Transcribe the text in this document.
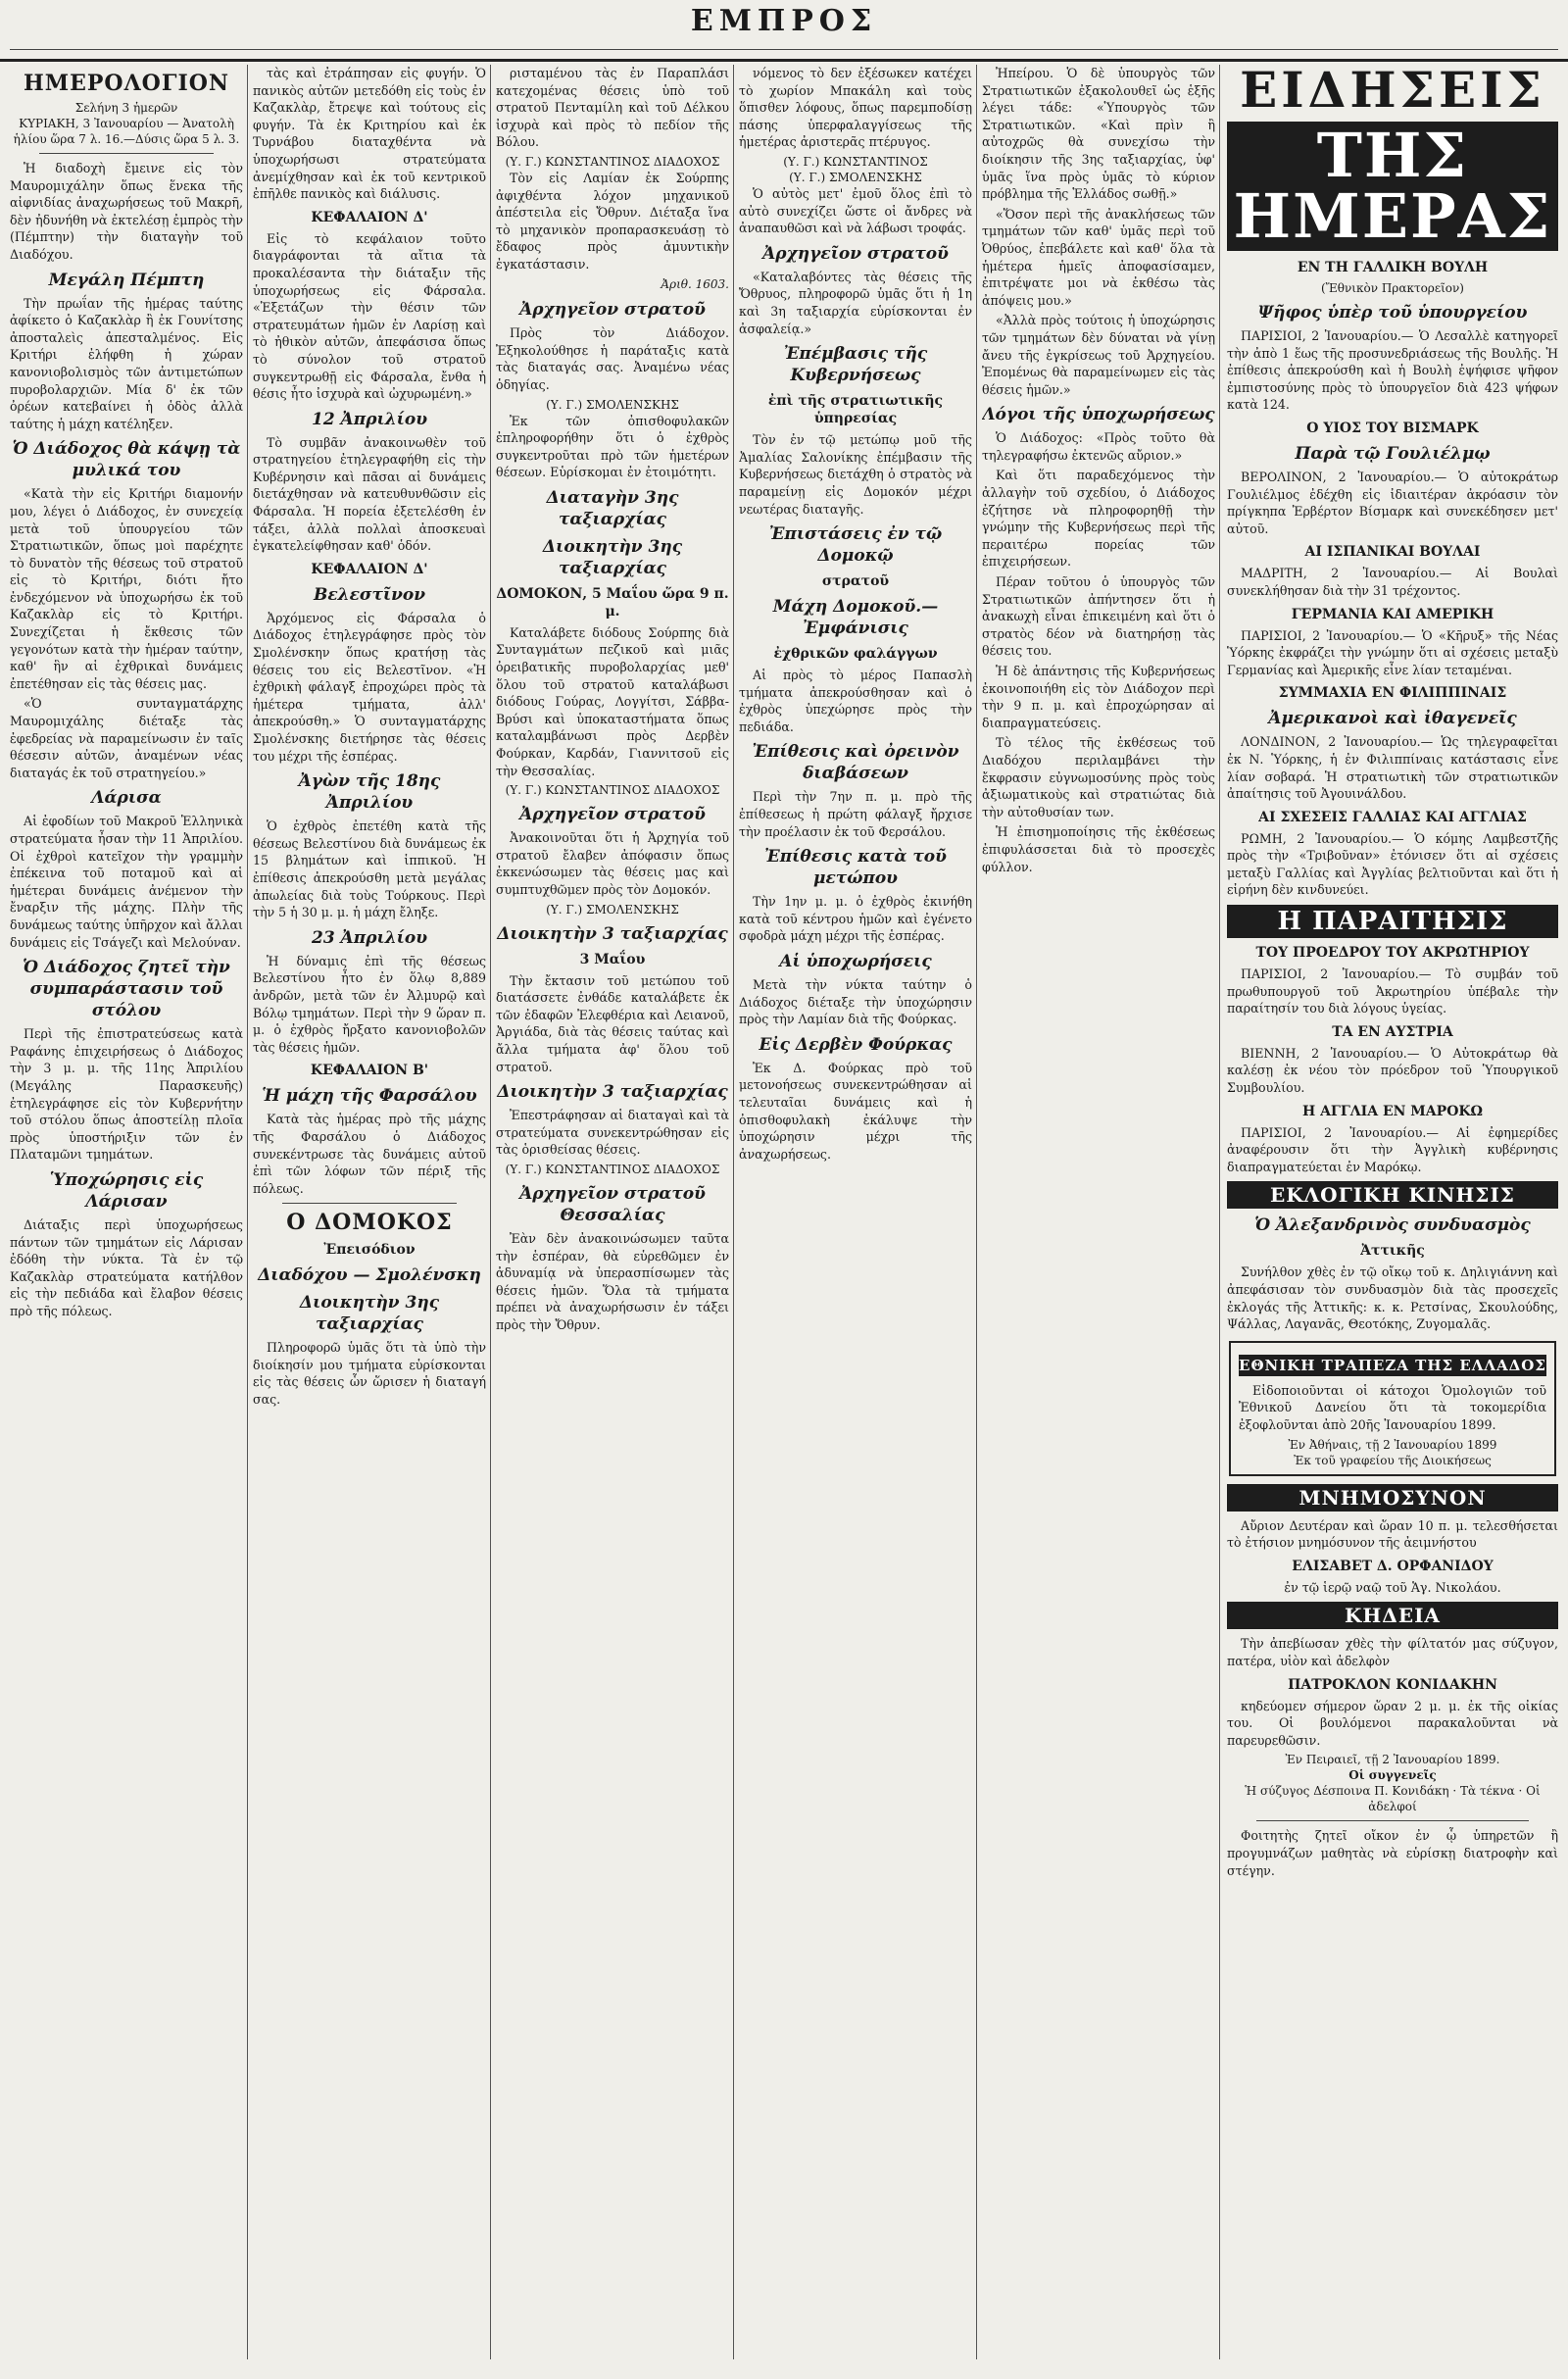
ΕΜΠΡΟΣ
ΗΜΕΡΟΛΟΓΙΟΝ
Σελήνη 3 ἡμερῶν
ΚΥΡΙΑΚΗ, 3 Ἰανουαρίου — Ἀνατολὴ ἡλίου ὥρα 7 λ. 16.—Δύσις ὥρα 5 λ. 3.

Ἡ διαδοχὴ ἔμεινε εἰς τὸν Μαυρομιχάλην ὅπως ἕνεκα τῆς αἰφνιδίας ἀναχωρήσεως τοῦ Μακρῆ, δὲν ἠδυνήθη νὰ ἐκτελέσῃ ἐμπρὸς τὴν (Πέμπτην) τὴν διαταγὴν τοῦ Διαδόχου.

Μεγάλη Πέμπτη

Τὴν πρωΐαν τῆς ἡμέρας ταύτης ἀφίκετο ὁ Καζακλὰρ ἢ ἐκ Γουνίτσης ἀποσταλεὶς ἀπεσταλμένος. Εἰς Κριτήρι ἐλήφθη ἡ χώραν κανονιοβολισμὸς τῶν ἀντιμετώπων πυροβολαρχιῶν. Μία δ' ἐκ τῶν ὀρέων κατεβαίνει ἡ ὁδὸς ἀλλὰ ταύτης ἡ μάχη κατέληξεν.

Ὁ Διάδοχος θὰ κάψῃ τὰ μυλικά του

«Κατὰ τὴν εἰς Κριτήρι διαμονήν μου, λέγει ὁ Διάδοχος, ἐν συνεχείᾳ μετὰ τοῦ ὑπουργείου τῶν Στρατιωτικῶν, ὅπως μοὶ παρέχητε τὸ δυνατὸν τῆς θέσεως τοῦ στρατοῦ εἰς τὸ Κριτήρι, διότι ἤτο ἐνδεχόμενον νὰ ὑποχωρήσω ἐκ τοῦ Καζακλὰρ εἰς τὸ Κριτήρι. Συνεχίζεται ἡ ἔκθεσις τῶν γεγονότων κατὰ τὴν ἡμέραν ταύτην, καθ' ἣν αἱ ἐχθρικαὶ δυνάμεις ἐπετέθησαν εἰς τὰς θέσεις μας.

«Ὁ συνταγματάρχης Μαυρομιχάλης διέταξε τὰς ἐφεδρείας νὰ παραμείνωσιν ἐν ταῖς θέσεσιν αὐτῶν, ἀναμένων νέας διαταγάς ἐκ τοῦ στρατηγείου.»

Λάρισα

Αἱ ἐφοδίων τοῦ Μακροῦ Ἑλληνικὰ στρατεύματα ἦσαν τὴν 11 Ἀπριλίου. Οἱ ἐχθροὶ κατεῖχον τὴν γραμμὴν ἐπέκεινα τοῦ ποταμοῦ καὶ αἱ ἡμέτεραι δυνάμεις ἀνέμενον τὴν ἔναρξιν τῆς μάχης. Πλὴν τῆς δυνάμεως ταύτης ὑπῆρχον καὶ ἄλλαι δυνάμεις εἰς Τσάγεζι καὶ Μελούναν.

Ὁ Διάδοχος ζητεῖ τὴν συμπαράστασιν τοῦ στόλου

Περὶ τῆς ἐπιστρατεύσεως κατὰ Ραφάνης ἐπιχειρήσεως ὁ Διάδοχος τὴν 3 μ. μ. τῆς 11ης Ἀπριλίου (Μεγάλης Παρασκευῆς) ἐτηλεγράφησε εἰς τὸν Κυβερνήτην τοῦ στόλου ὅπως ἀποστείλῃ πλοῖα πρὸς ὑποστήριξιν τῶν ἐν Πλαταμῶνι τμημάτων.

Ὑποχώρησις εἰς Λάρισαν

Διάταξις περὶ ὑποχωρήσεως πάντων τῶν τμημάτων εἰς Λάρισαν ἐδόθη τὴν νύκτα. Τὰ ἐν τῷ Καζακλὰρ στρατεύματα κατήλθον εἰς τὴν πεδιάδα καὶ ἔλαβον θέσεις πρὸ τῆς πόλεως.

τὰς καὶ ἐτράπησαν εἰς φυγήν. Ὁ πανικὸς αὐτῶν μετεδόθη εἰς τοὺς ἐν Καζακλὰρ, ἔτρεψε καὶ τούτους εἰς φυγήν. Τὰ ἐκ Κριτηρίου καὶ ἐκ Τυρνάβου διαταχθέντα νὰ ὑποχωρήσωσι στρατεύματα ἀνεμίχθησαν καὶ ἐκ τοῦ κεντρικοῦ ἐπῆλθε πανικὸς καὶ διάλυσις.

ΚΕΦΑΛΑΙΟΝ Δ'

Εἰς τὸ κεφάλαιον τοῦτο διαγράφονται τὰ αἴτια τὰ προκαλέσαντα τὴν διάταξιν τῆς ὑποχωρήσεως εἰς Φάρσαλα. «Ἐξετάζων τὴν θέσιν τῶν στρατευμάτων ἡμῶν ἐν Λαρίσῃ καὶ τὸ ἠθικὸν αὐτῶν, ἀπεφάσισα ὅπως τὸ σύνολον τοῦ στρατοῦ συγκεντρωθῇ εἰς Φάρσαλα, ἔνθα ἡ θέσις ἦτο ἰσχυρὰ καὶ ὠχυρωμένη.»

12 Ἀπριλίου

Τὸ συμβᾶν ἀνακοινωθὲν τοῦ στρατηγείου ἐτηλεγραφήθη εἰς τὴν Κυβέρνησιν καὶ πᾶσαι αἱ δυνάμεις διετάχθησαν νὰ κατευθυνθῶσιν εἰς Φάρσαλα. Ἡ πορεία ἐξετελέσθη ἐν τάξει, ἀλλὰ πολλαὶ ἀποσκευαὶ ἐγκατελείφθησαν καθ' ὁδόν.

ΚΕΦΑΛΑΙΟΝ Δ'
Βελεστῖνον

Ἀρχόμενος εἰς Φάρσαλα ὁ Διάδοχος ἐτηλεγράφησε πρὸς τὸν Σμολένσκην ὅπως κρατήσῃ τὰς θέσεις του εἰς Βελεστῖνον. «Ἡ ἐχθρικὴ φάλαγξ ἐπροχώρει πρὸς τὰ ἡμέτερα τμήματα, ἀλλ' ἀπεκρούσθη.» Ὁ συνταγματάρχης Σμολένσκης διετήρησε τὰς θέσεις του μέχρι τῆς ἑσπέρας.

Ἀγὼν τῆς 18ης Ἀπριλίου

Ὁ ἐχθρὸς ἐπετέθη κατὰ τῆς θέσεως Βελεστίνου διὰ δυνάμεως ἐκ 15 βλημάτων καὶ ἱππικοῦ. Ἡ ἐπίθεσις ἀπεκρούσθη μετὰ μεγάλας ἀπωλείας διὰ τοὺς Τούρκους. Περὶ τὴν 5 ἡ 30 μ. μ. ἡ μάχη ἔληξε.

23 Ἀπριλίου

Ἡ δύναμις ἐπὶ τῆς θέσεως Βελεστίνου ἦτο ἐν ὅλῳ 8,889 ἀνδρῶν, μετὰ τῶν ἐν Ἀλμυρῷ καὶ Βόλῳ τμημάτων. Περὶ τὴν 9 ὥραν π. μ. ὁ ἐχθρὸς ἤρξατο κανονιοβολῶν τὰς θέσεις ἡμῶν.

ΚΕΦΑΛΑΙΟΝ Β'
Ἡ μάχη τῆς Φαρσάλου

Κατὰ τὰς ἡμέρας πρὸ τῆς μάχης τῆς Φαρσάλου ὁ Διάδοχος συνεκέντρωσε τὰς δυνάμεις αὐτοῦ ἐπὶ τῶν λόφων τῶν πέριξ τῆς πόλεως.

Ο ΔΟΜΟΚΟΣ
Ἐπεισόδιον
Διαδόχου — Σμολένσκη
Διοικητὴν 3ης ταξιαρχίας

Πληροφορῶ ὑμᾶς ὅτι τὰ ὑπὸ τὴν διοίκησίν μου τμήματα εὑρίσκονται εἰς τὰς θέσεις ὧν ὥρισεν ἡ διαταγή σας.

ρισταμένου τὰς ἐν Παραπλάσι κατεχομένας θέσεις ὑπὸ τοῦ στρατοῦ Πενταμίλη καὶ τοῦ Δέλκου ἰσχυρὰ καὶ πρὸς τὸ πεδίον τῆς Βόλου.

(Υ. Γ.) ΚΩΝΣΤΑΝΤΙΝΟΣ ΔΙΑΔΟΧΟΣ

Τὸν εἰς Λαμίαν ἐκ Σούρπης ἀφιχθέντα λόχον μηχανικοῦ ἀπέστειλα εἰς Ὄθρυν. Διέταξα ἵνα τὸ μηχανικὸν προπαρασκευάσῃ τὸ ἔδαφος πρὸς ἀμυντικὴν ἐγκατάστασιν.

Ἀριθ. 1603.
Ἀρχηγεῖον στρατοῦ

Πρὸς τὸν Διάδοχον. Ἐξηκολούθησε ἡ παράταξις κατὰ τὰς διαταγάς σας. Ἀναμένω νέας ὁδηγίας.

(Υ. Γ.) ΣΜΟΛΕΝΣΚΗΣ

Ἐκ τῶν ὀπισθοφυλακῶν ἐπληροφορήθην ὅτι ὁ ἐχθρὸς συγκεντροῦται πρὸ τῶν ἡμετέρων θέσεων. Εὑρίσκομαι ἐν ἐτοιμότητι.

Διαταγὴν 3ης ταξιαρχίας
Διοικητὴν 3ης ταξιαρχίας
ΔΟΜΟΚΟΝ, 5 Μαΐου ὥρα 9 π. μ.

Καταλάβετε διόδους Σούρπης διὰ Συνταγμάτων πεζικοῦ καὶ μιᾶς ὀρειβατικῆς πυροβολαρχίας μεθ' ὅλου τοῦ στρατοῦ καταλάβωσι διόδους Γούρας, Λογγίτσι, Σάββα-Βρύσι καὶ ὑποκαταστήματα ὅπως καταλαμβάνωσι πρὸς Δερβὲν Φούρκαν, Καρδάν, Γιαννιτσοῦ εἰς τὴν Θεσσαλίας.

(Υ. Γ.) ΚΩΝΣΤΑΝΤΙΝΟΣ ΔΙΑΔΟΧΟΣ
Ἀρχηγεῖον στρατοῦ

Ἀνακοινοῦται ὅτι ἡ Ἀρχηγία τοῦ στρατοῦ ἔλαβεν ἀπόφασιν ὅπως ἐκκενώσωμεν τὰς θέσεις μας καὶ συμπτυχθῶμεν πρὸς τὸν Δομοκόν.

(Υ. Γ.) ΣΜΟΛΕΝΣΚΗΣ
Διοικητὴν 3 ταξιαρχίας
3 Μαΐου

Τὴν ἔκτασιν τοῦ μετώπου τοῦ διατάσσετε ἐνθάδε καταλάβετε ἐκ τῶν ἐδαφῶν Ἐλεφθέρια καὶ Λειανοῦ, Ἀργιάδα, διὰ τὰς θέσεις ταύτας καὶ ἄλλα τμήματα ἀφ' ὅλου τοῦ στρατοῦ.

Διοικητὴν 3 ταξιαρχίας

Ἐπεστράφησαν αἱ διαταγαὶ καὶ τὰ στρατεύματα συνεκεντρώθησαν εἰς τὰς ὁρισθείσας θέσεις.

(Υ. Γ.) ΚΩΝΣΤΑΝΤΙΝΟΣ ΔΙΑΔΟΧΟΣ
Ἀρχηγεῖον στρατοῦ Θεσσαλίας

Ἐὰν δὲν ἀνακοινώσωμεν ταῦτα τὴν ἑσπέραν, θὰ εὑρεθῶμεν ἐν ἀδυναμίᾳ νὰ ὑπερασπίσωμεν τὰς θέσεις ἡμῶν. Ὅλα τὰ τμήματα πρέπει νὰ ἀναχωρήσωσιν ἐν τάξει πρὸς τὴν Ὄθρυν.

νόμενος τὸ δεν ἐξέσωκεν κατέχει τὸ χωρίον Μπακάλη καὶ τοὺς ὅπισθεν λόφους, ὅπως παρεμποδίσῃ πάσης ὑπερφαλαγγίσεως τῆς ἡμετέρας ἀριστερᾶς πτέρυγος.

(Υ. Γ.) ΚΩΝΣΤΑΝΤΙΝΟΣ
(Υ. Γ.) ΣΜΟΛΕΝΣΚΗΣ

Ὁ αὐτὸς μετ' ἐμοῦ ὅλος ἐπὶ τὸ αὐτὸ συνεχίζει ὥστε οἱ ἄνδρες νὰ ἀναπαυθῶσι καὶ νὰ λάβωσι τροφάς.

Ἀρχηγεῖον στρατοῦ

«Καταλαβόντες τὰς θέσεις τῆς Ὄθρυος, πληροφορῶ ὑμᾶς ὅτι ἡ 1η καὶ 3η ταξιαρχία εὑρίσκονται ἐν ἀσφαλείᾳ.»

Ἐπέμβασις τῆς Κυβερνήσεως
ἐπὶ τῆς στρατιωτικῆς ὑπηρεσίας

Τὸν ἐν τῷ μετώπῳ μοῦ τῆς Ἀμαλίας Σαλονίκης ἐπέμβασιν τῆς Κυβερνήσεως διετάχθη ὁ στρατὸς νὰ παραμείνῃ εἰς Δομοκόν μέχρι νεωτέρας διαταγῆς.

Ἐπιστάσεις ἐν τῷ Δομοκῷ
στρατοῦ
Μάχη Δομοκοῦ.—Ἐμφάνισις
ἐχθρικῶν φαλάγγων

Αἱ πρὸς τὸ μέρος Παπασλὴ τμήματα ἀπεκρούσθησαν καὶ ὁ ἐχθρὸς ὑπεχώρησε πρὸς τὴν πεδιάδα.

Ἐπίθεσις καὶ ὀρεινὸν διαβάσεων

Περὶ τὴν 7ην π. μ. πρὸ τῆς ἐπίθεσεως ἡ πρώτη φάλαγξ ἤρχισε τὴν προέλασιν ἐκ τοῦ Φερσάλου.

Ἐπίθεσις κατὰ τοῦ μετώπου

Τὴν 1ην μ. μ. ὁ ἐχθρὸς ἐκινήθη κατὰ τοῦ κέντρου ἡμῶν καὶ ἐγένετο σφοδρὰ μάχη μέχρι τῆς ἑσπέρας.

Αἱ ὑποχωρήσεις

Μετὰ τὴν νύκτα ταύτην ὁ Διάδοχος διέταξε τὴν ὑποχώρησιν πρὸς τὴν Λαμίαν διὰ τῆς Φούρκας.

Εἰς Δερβὲν Φούρκας

Ἐκ Δ. Φούρκας πρὸ τοῦ μετονοήσεως συνεκεντρώθησαν αἱ τελευταῖαι δυνάμεις καὶ ἡ ὀπισθοφυλακὴ ἐκάλυψε τὴν ὑποχώρησιν μέχρι τῆς ἀναχωρήσεως.

Ἠπείρου. Ὁ δὲ ὑπουργὸς τῶν Στρατιωτικῶν ἐξακολουθεῖ ὡς ἑξῆς λέγει τάδε: «Ὑπουργὸς τῶν Στρατιωτικῶν. «Καὶ πρὶν ἢ αὐτοχρῶς θὰ συνεχίσω τὴν διοίκησιν τῆς 3ης ταξιαρχίας, ὑφ' ὑμᾶς ἵνα πρὸς ὑμᾶς τὸ κύριον πρόβλημα τῆς Ἑλλάδος σωθῇ.»

«Ὅσον περὶ τῆς ἀνακλήσεως τῶν τμημάτων τῶν καθ' ὑμᾶς περὶ τοῦ Ὀθρύος, ἐπεβάλετε καὶ καθ' ὅλα τὰ ἡμέτερα ἡμεῖς ἀποφασίσαμεν, ἐπιτρέψατε μοι νὰ ἐκθέσω τὰς ἀπόψεις μου.»

«Ἀλλὰ πρὸς τούτοις ἡ ὑποχώρησις τῶν τμημάτων δὲν δύναται νὰ γίνῃ ἄνευ τῆς ἐγκρίσεως τοῦ Ἀρχηγείου. Ἐπομένως θὰ παραμείνωμεν εἰς τὰς θέσεις ἡμῶν.»

Λόγοι τῆς ὑποχωρήσεως

Ὁ Διάδοχος: «Πρὸς τοῦτο θὰ τηλεγραφήσω ἐκτενῶς αὔριον.»

Καὶ ὅτι παραδεχόμενος τὴν ἀλλαγὴν τοῦ σχεδίου, ὁ Διάδοχος ἐζήτησε νὰ πληροφορηθῇ τὴν γνώμην τῆς Κυβερνήσεως περὶ τῆς περαιτέρω πορείας τῶν ἐπιχειρήσεων.

Πέραν τοῦτου ὁ ὑπουργὸς τῶν Στρατιωτικῶν ἀπήντησεν ὅτι ἡ ἀνακωχὴ εἶναι ἐπικειμένη καὶ ὅτι ὁ στρατὸς δέον νὰ διατηρήσῃ τὰς θέσεις του.

Ἡ δὲ ἀπάντησις τῆς Κυβερνήσεως ἐκοινοποιήθη εἰς τὸν Διάδοχον περὶ τὴν 9 π. μ. καὶ ἐπροχώρησαν αἱ διαπραγματεύσεις.

Τὸ τέλος τῆς ἐκθέσεως τοῦ Διαδόχου περιλαμβάνει τὴν ἔκφρασιν εὐγνωμοσύνης πρὸς τοὺς ἀξιωματικοὺς καὶ στρατιώτας διὰ τὴν αὐτοθυσίαν των.

Ἡ ἐπισημοποίησις τῆς ἐκθέσεως ἐπιφυλάσσεται διὰ τὸ προσεχὲς φύλλον.

ΕΙΔΗΣΕΙΣ
ΤΗΣ ΗΜΕΡΑΣ
ΕΝ ΤΗ ΓΑΛΛΙΚΗ ΒΟΥΛΗ
(Ἔθνικὸν Πρακτορεῖον)
Ψῆφος ὑπὲρ τοῦ ὑπουργείου

ΠΑΡΙΣΙΟΙ, 2 Ἰανουαρίου.— Ὁ Λεσαλλὲ κατηγορεῖ τὴν ἀπὸ 1 ἕως τῆς προσυνεδριάσεως τῆς Βουλῆς. Ἡ ἐπίθεσις ἀπεκρούσθη καὶ ἡ Βουλὴ ἐψήφισε ψῆφον ἐμπιστοσύνης πρὸς τὸ ὑπουργεῖον διὰ 423 ψήφων κατὰ 124.

Ο ΥΙΟΣ ΤΟΥ ΒΙΣΜΑΡΚ
Παρὰ τῷ Γουλιέλμῳ

ΒΕΡΟΛΙΝΟΝ, 2 Ἰανουαρίου.— Ὁ αὐτοκράτωρ Γουλιέλμος ἐδέχθη εἰς ἰδιαιτέραν ἀκρόασιν τὸν πρίγκηπα Ἐρβέρτον Βίσμαρκ καὶ συνεκέδησεν μετ' αὐτοῦ.

ΑΙ ΙΣΠΑΝΙΚΑΙ ΒΟΥΛΑΙ

ΜΑΔΡΙΤΗ, 2 Ἰανουαρίου.— Αἱ Βουλαὶ συνεκλήθησαν διὰ τὴν 31 τρέχοντος.

ΓΕΡΜΑΝΙΑ ΚΑΙ ΑΜΕΡΙΚΗ

ΠΑΡΙΣΙΟΙ, 2 Ἰανουαρίου.— Ὁ «Κῆρυξ» τῆς Νέας Ὑόρκης ἐκφράζει τὴν γνώμην ὅτι αἱ σχέσεις μεταξὺ Γερμανίας καὶ Ἀμερικῆς εἶνε λίαν τεταμέναι.

ΣΥΜΜΑΧΙΑ ΕΝ ΦΙΛΙΠΠΙΝΑΙΣ
Ἀμερικανοὶ καὶ ἰθαγενεῖς

ΛΟΝΔΙΝΟΝ, 2 Ἰανουαρίου.— Ὡς τηλεγραφεῖται ἐκ Ν. Ὑόρκης, ἡ ἐν Φιλιππίναις κατάστασις εἶνε λίαν σοβαρά. Ἡ στρατιωτικὴ τῶν στρατιωτικῶν ἀπαίτησις τοῦ Ἀγουινάλδου.

ΑΙ ΣΧΕΣΕΙΣ ΓΑΛΛΙΑΣ ΚΑΙ ΑΓΓΛΙΑΣ

ΡΩΜΗ, 2 Ἰανουαρίου.— Ὁ κόμης Λαμβεστζῆς πρὸς τὴν «Τριβοῦναν» ἐτόνισεν ὅτι αἱ σχέσεις μεταξὺ Γαλλίας καὶ Ἀγγλίας βελτιοῦνται καὶ ὅτι ἡ εἰρήνη δὲν κινδυνεύει.

Η ΠΑΡΑΙΤΗΣΙΣ
ΤΟΥ ΠΡΟΕΔΡΟΥ ΤΟΥ ΑΚΡΩΤΗΡΙΟΥ

ΠΑΡΙΣΙΟΙ, 2 Ἰανουαρίου.— Τὸ συμβάν τοῦ πρωθυπουργοῦ τοῦ Ἀκρωτηρίου ὑπέβαλε τὴν παραίτησίν του διὰ λόγους ὑγείας.

ΤΑ ΕΝ ΑΥΣΤΡΙΑ

ΒΙΕΝΝΗ, 2 Ἰανουαρίου.— Ὁ Αὐτοκράτωρ θὰ καλέσῃ ἐκ νέου τὸν πρόεδρον τοῦ Ὑπουργικοῦ Συμβουλίου.

Η ΑΓΓΛΙΑ ΕΝ ΜΑΡΟΚΩ

ΠΑΡΙΣΙΟΙ, 2 Ἰανουαρίου.— Αἱ ἐφημερίδες ἀναφέρουσιν ὅτι τὴν Ἀγγλικὴ κυβέρνησις διαπραγματεύεται ἐν Μαρόκῳ.

ΕΚΛΟΓΙΚΗ ΚΙΝΗΣΙΣ
Ὁ Ἀλεξανδρινὸς συνδυασμὸς
Ἀττικῆς

Συνήλθον χθὲς ἐν τῷ οἴκῳ τοῦ κ. Δηλιγιάννη καὶ ἀπεφάσισαν τὸν συνδυασμὸν διὰ τὰς προσεχεῖς ἐκλογάς τῆς Ἀττικῆς: κ. κ. Ρετσίνας, Σκουλούδης, Ψάλλας, Λαγανᾶς, Θεοτόκης, Ζυγομαλᾶς.

ΕΘΝΙΚΗ ΤΡΑΠΕΖΑ ΤΗΣ ΕΛΛΑΔΟΣ

Εἰδοποιοῦνται οἱ κάτοχοι Ὁμολογιῶν τοῦ Ἐθνικοῦ Δανείου ὅτι τὰ τοκομερίδια ἐξοφλοῦνται ἀπὸ 20ῆς Ἰανουαρίου 1899.

Ἐν Ἀθήναις, τῇ 2 Ἰανουαρίου 1899
Ἐκ τοῦ γραφείου τῆς Διοικήσεως
ΜΝΗΜΟΣΥΝΟΝ

Αὔριον Δευτέραν καὶ ὥραν 10 π. μ. τελεσθήσεται τὸ ἐτήσιον μνημόσυνον τῆς ἀειμνήστου

ΕΛΙΣΑΒΕΤ Δ. ΟΡΦΑΝΙΔΟΥ

ἐν τῷ ἱερῷ ναῷ τοῦ Ἁγ. Νικολάου.

ΚΗΔΕΙΑ

Τὴν ἀπεβίωσαν χθὲς τὴν φίλτατόν μας σύζυγον, πατέρα, υἱὸν καὶ ἀδελφὸν

ΠΑΤΡΟΚΛΟΝ ΚΟΝΙΔΑΚΗΝ

κηδεύομεν σήμερον ὥραν 2 μ. μ. ἐκ τῆς οἰκίας του. Οἱ βουλόμενοι παρακαλοῦνται νὰ παρευρεθῶσιν.

Ἐν Πειραιεῖ, τῇ 2 Ἰανουαρίου 1899.
Οἱ συγγενεῖς
Ἡ σύζυγος Δέσποινα Π. Κονιδάκη · Τὰ τέκνα · Οἱ ἀδελφοί

Φοιτητὴς ζητεῖ οἴκον ἐν ᾧ ὑπηρετῶν ἢ προγυμνάζων μαθητὰς νὰ εὑρίσκῃ διατροφὴν καὶ στέγην.
